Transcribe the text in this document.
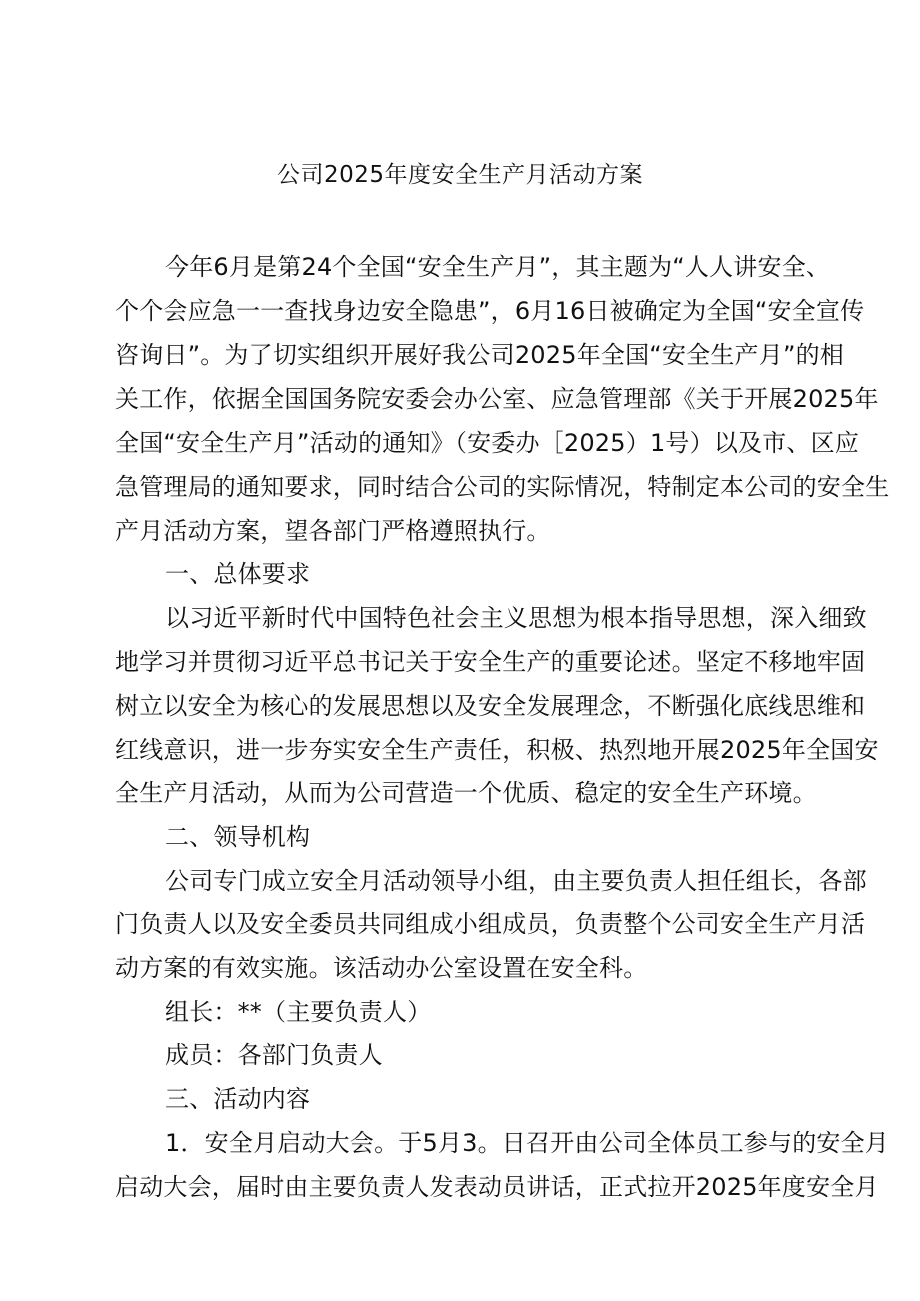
公司2025年度安全生产月活动方案
今年6月是第24个全国“安全生产月”，其主题为“人人讲安全、
个个会应急一一查找身边安全隐患”，6月16日被确定为全国“安全宣传
咨询日”。为了切实组织开展好我公司2025年全国“安全生产月”的相
关工作，依据全国国务院安委会办公室、应急管理部《关于开展2025年
全国“安全生产月”活动的通知》（安委办［2025）1号）以及市、区应
急管理局的通知要求，同时结合公司的实际情况，特制定本公司的安全生
产月活动方案，望各部门严格遵照执行。
一、总体要求
以习近平新时代中国特色社会主义思想为根本指导思想，深入细致
地学习并贯彻习近平总书记关于安全生产的重要论述。坚定不移地牢固
树立以安全为核心的发展思想以及安全发展理念，不断强化底线思维和
红线意识，进一步夯实安全生产责任，积极、热烈地开展2025年全国安
全生产月活动，从而为公司营造一个优质、稳定的安全生产环境。
二、领导机构
公司专门成立安全月活动领导小组，由主要负责人担任组长，各部
门负责人以及安全委员共同组成小组成员，负责整个公司安全生产月活
动方案的有效实施。该活动办公室设置在安全科。
组长：**（主要负责人）
成员：各部门负责人
三、活动内容
1．安全月启动大会。于5月3。日召开由公司全体员工参与的安全月
启动大会，届时由主要负责人发表动员讲话，正式拉开2025年度安全月
